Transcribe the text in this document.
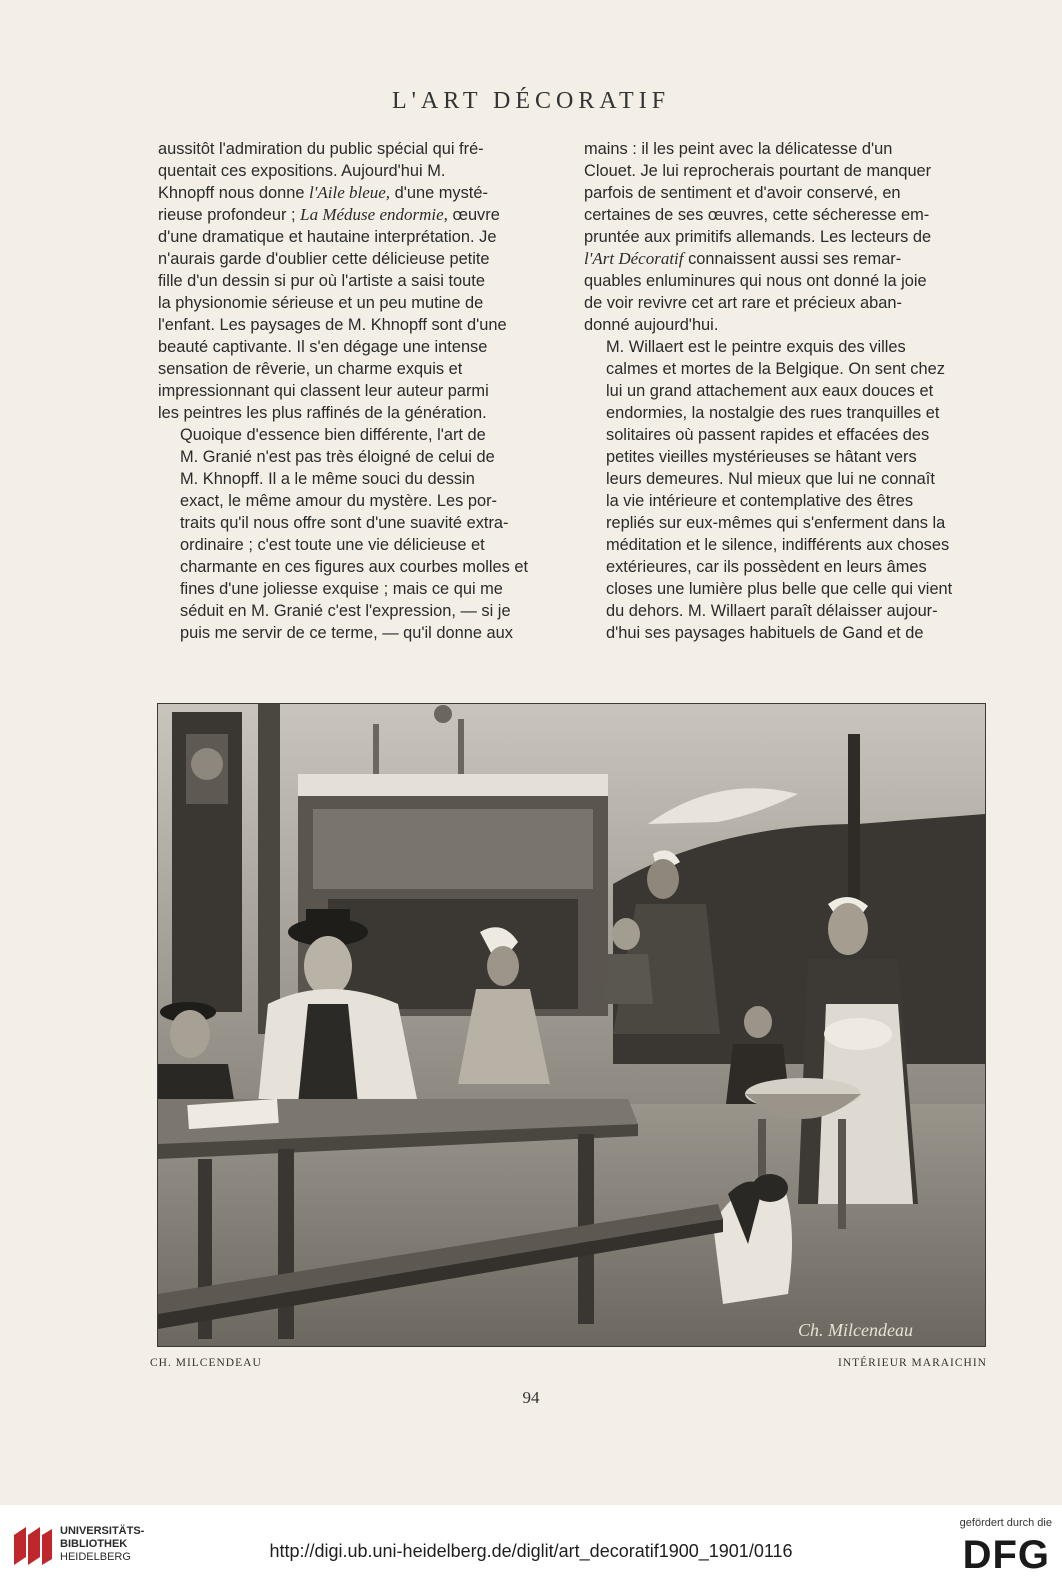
L'ART DÉCORATIF

aussitôt l'admiration du public spécial qui fré-
quentait ces expositions. Aujourd'hui M.
Khnopff nous donne l'Aile bleue, d'une mysté-
rieuse profondeur ; La Méduse endormie, œuvre
d'une dramatique et hautaine interprétation. Je
n'aurais garde d'oublier cette délicieuse petite
fille d'un dessin si pur où l'artiste a saisi toute
la physionomie sérieuse et un peu mutine de
l'enfant. Les paysages de M. Khnopff sont d'une
beauté captivante. Il s'en dégage une intense
sensation de rêverie, un charme exquis et
impressionnant qui classent leur auteur parmi
les peintres les plus raffinés de la génération.

Quoique d'essence bien différente, l'art de
M. Granié n'est pas très éloigné de celui de
M. Khnopff. Il a le même souci du dessin
exact, le même amour du mystère. Les por-
traits qu'il nous offre sont d'une suavité extra-
ordinaire ; c'est toute une vie délicieuse et
charmante en ces figures aux courbes molles et
fines d'une joliesse exquise ; mais ce qui me
séduit en M. Granié c'est l'expression, — si je
puis me servir de ce terme, — qu'il donne aux

mains : il les peint avec la délicatesse d'un
Clouet. Je lui reprocherais pourtant de manquer
parfois de sentiment et d'avoir conservé, en
certaines de ses œuvres, cette sécheresse em-
pruntée aux primitifs allemands. Les lecteurs de
l'Art Décoratif connaissent aussi ses remar-
quables enluminures qui nous ont donné la joie
de voir revivre cet art rare et précieux aban-
donné aujourd'hui.

M. Willaert est le peintre exquis des villes
calmes et mortes de la Belgique. On sent chez
lui un grand attachement aux eaux douces et
endormies, la nostalgie des rues tranquilles et
solitaires où passent rapides et effacées des
petites vieilles mystérieuses se hâtant vers
leurs demeures. Nul mieux que lui ne connaît
la vie intérieure et contemplative des êtres
repliés sur eux-mêmes qui s'enferment dans la
méditation et le silence, indifférents aux choses
extérieures, car ils possèdent en leurs âmes
closes une lumière plus belle que celle qui vient
du dehors. M. Willaert paraît délaisser aujour-
d'hui ses paysages habituels de Gand et de

Ch. Milcendeau
CH. MILCENDEAU	INTÉRIEUR MARAICHIN
94
UNIVERSITÄTS-
BIBLIOTHEK
HEIDELBERG	http://digi.ub.uni-heidelberg.de/diglit/art_decoratif1900_1901/0116
gefördert durch die
DFG
